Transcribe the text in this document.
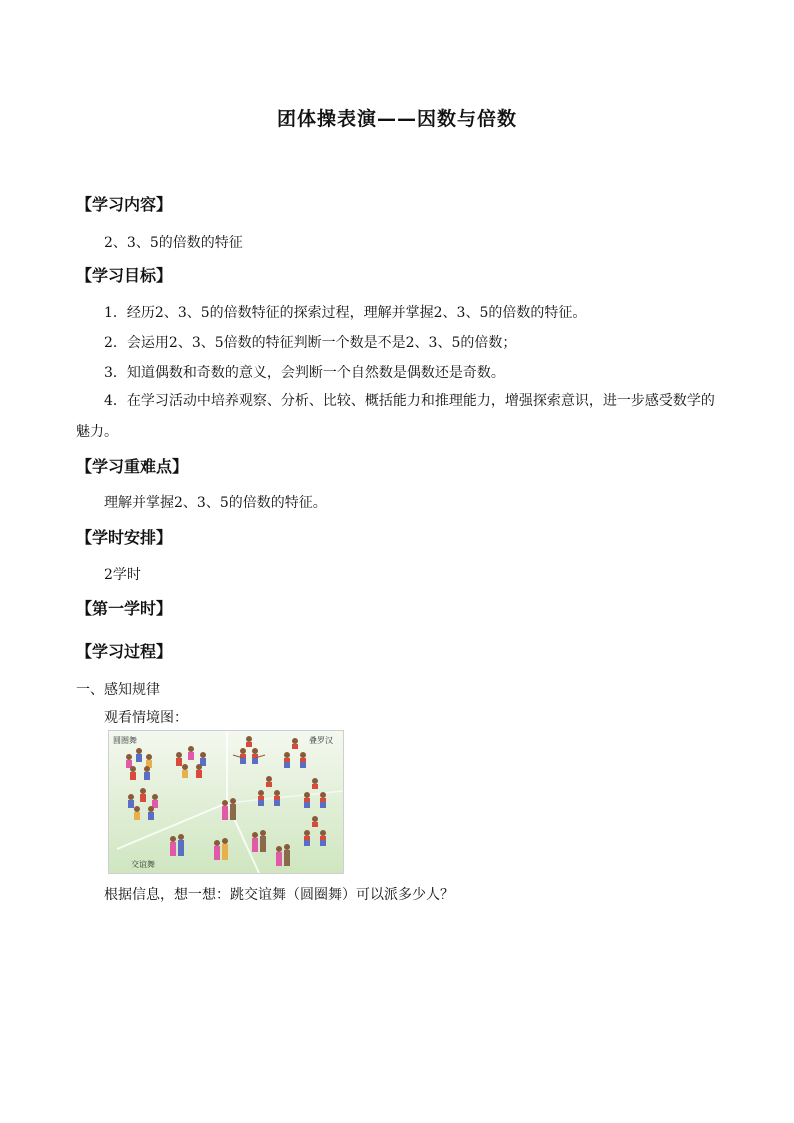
团体操表演——因数与倍数
【学习内容】
2、3、5的倍数的特征
【学习目标】
1．经历2、3、5的倍数特征的探索过程，理解并掌握2、3、5的倍数的特征。
2．会运用2、3、5倍数的特征判断一个数是不是2、3、5的倍数；
3．知道偶数和奇数的意义，会判断一个自然数是偶数还是奇数。
4．在学习活动中培养观察、分析、比较、概括能力和推理能力，增强探索意识，进一步感受数学的魅力。
【学习重难点】
理解并掌握2、3、5的倍数的特征。
【学时安排】
2学时
【第一学时】
【学习过程】
一、感知规律
观看情境图：
圆圈舞	叠罗汉
交谊舞
根据信息，想一想：跳交谊舞（圆圈舞）可以派多少人？
